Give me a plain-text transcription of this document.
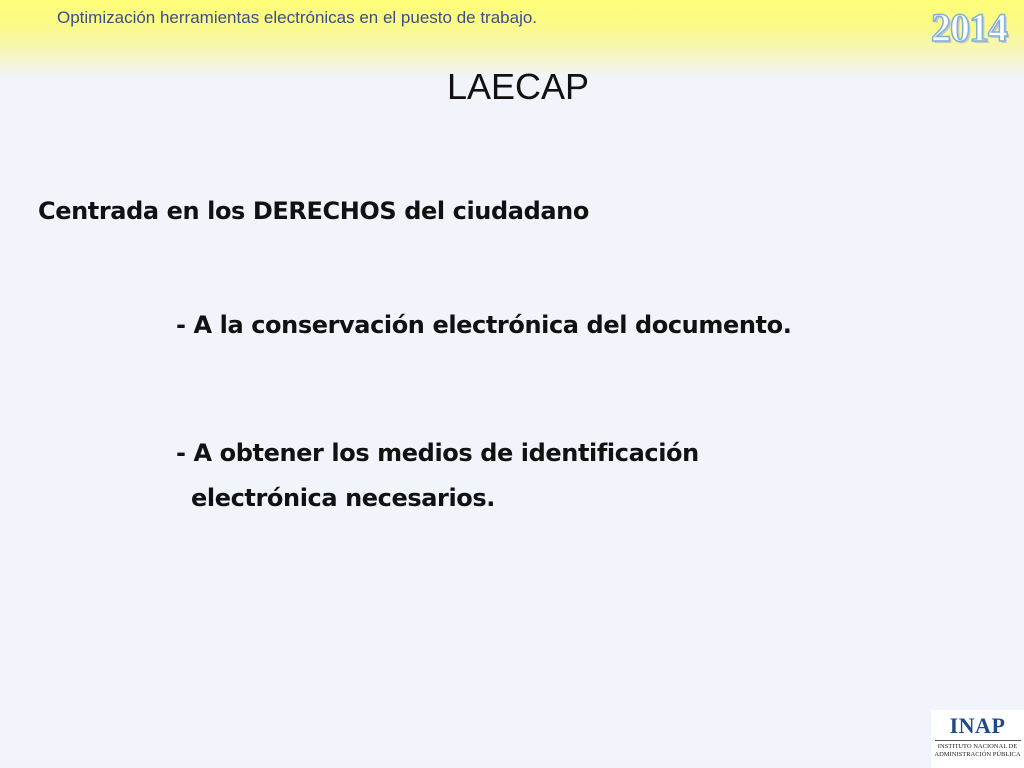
Optimización herramientas electrónicas en el puesto de trabajo.	2014
LAECAP
Centrada en los DERECHOS del ciudadano
- A la conservación electrónica del documento.
- A obtener los medios de identificación
electrónica necesarios.
INAP
INSTITUTO NACIONAL DE
ADMINISTRACIÓN PÚBLICA
